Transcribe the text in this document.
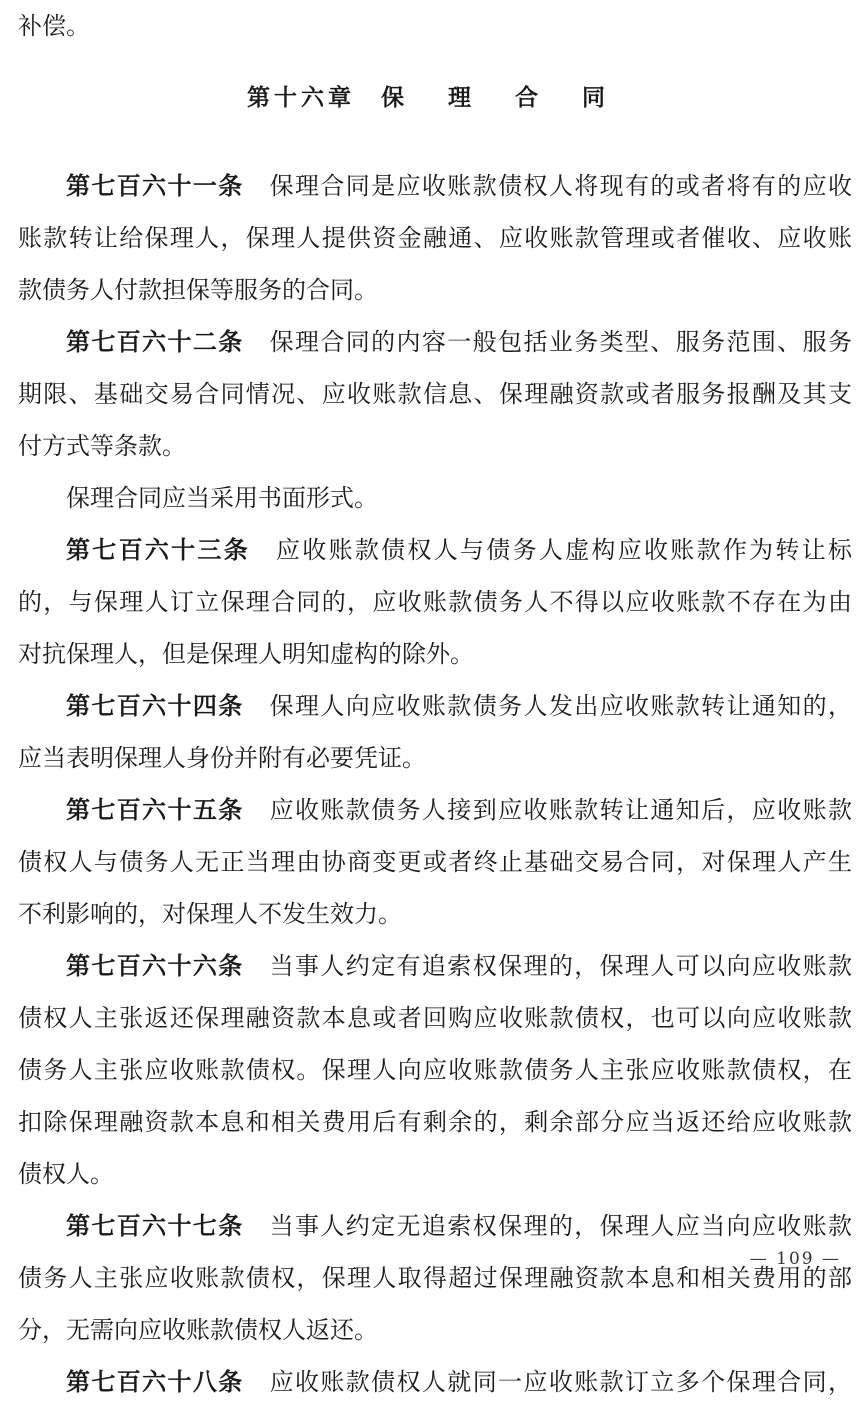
补偿。
第十六章 保 理 合 同
第七百六十一条 保理合同是应收账款债权人将现有的或者将有的应收
账款转让给保理人，保理人提供资金融通、应收账款管理或者催收、应收账
款债务人付款担保等服务的合同。
第七百六十二条 保理合同的内容一般包括业务类型、服务范围、服务
期限、基础交易合同情况、应收账款信息、保理融资款或者服务报酬及其支
付方式等条款。
保理合同应当采用书面形式。
第七百六十三条 应收账款债权人与债务人虚构应收账款作为转让标
的，与保理人订立保理合同的，应收账款债务人不得以应收账款不存在为由
对抗保理人，但是保理人明知虚构的除外。
第七百六十四条 保理人向应收账款债务人发出应收账款转让通知的，
应当表明保理人身份并附有必要凭证。
第七百六十五条 应收账款债务人接到应收账款转让通知后，应收账款
债权人与债务人无正当理由协商变更或者终止基础交易合同，对保理人产生
不利影响的，对保理人不发生效力。
第七百六十六条 当事人约定有追索权保理的，保理人可以向应收账款
债权人主张返还保理融资款本息或者回购应收账款债权，也可以向应收账款
债务人主张应收账款债权。保理人向应收账款债务人主张应收账款债权，在
扣除保理融资款本息和相关费用后有剩余的，剩余部分应当返还给应收账款
债权人。
第七百六十七条 当事人约定无追索权保理的，保理人应当向应收账款
债务人主张应收账款债权，保理人取得超过保理融资款本息和相关费用的部
分，无需向应收账款债权人返还。
第七百六十八条 应收账款债权人就同一应收账款订立多个保理合同，
— 109 —
